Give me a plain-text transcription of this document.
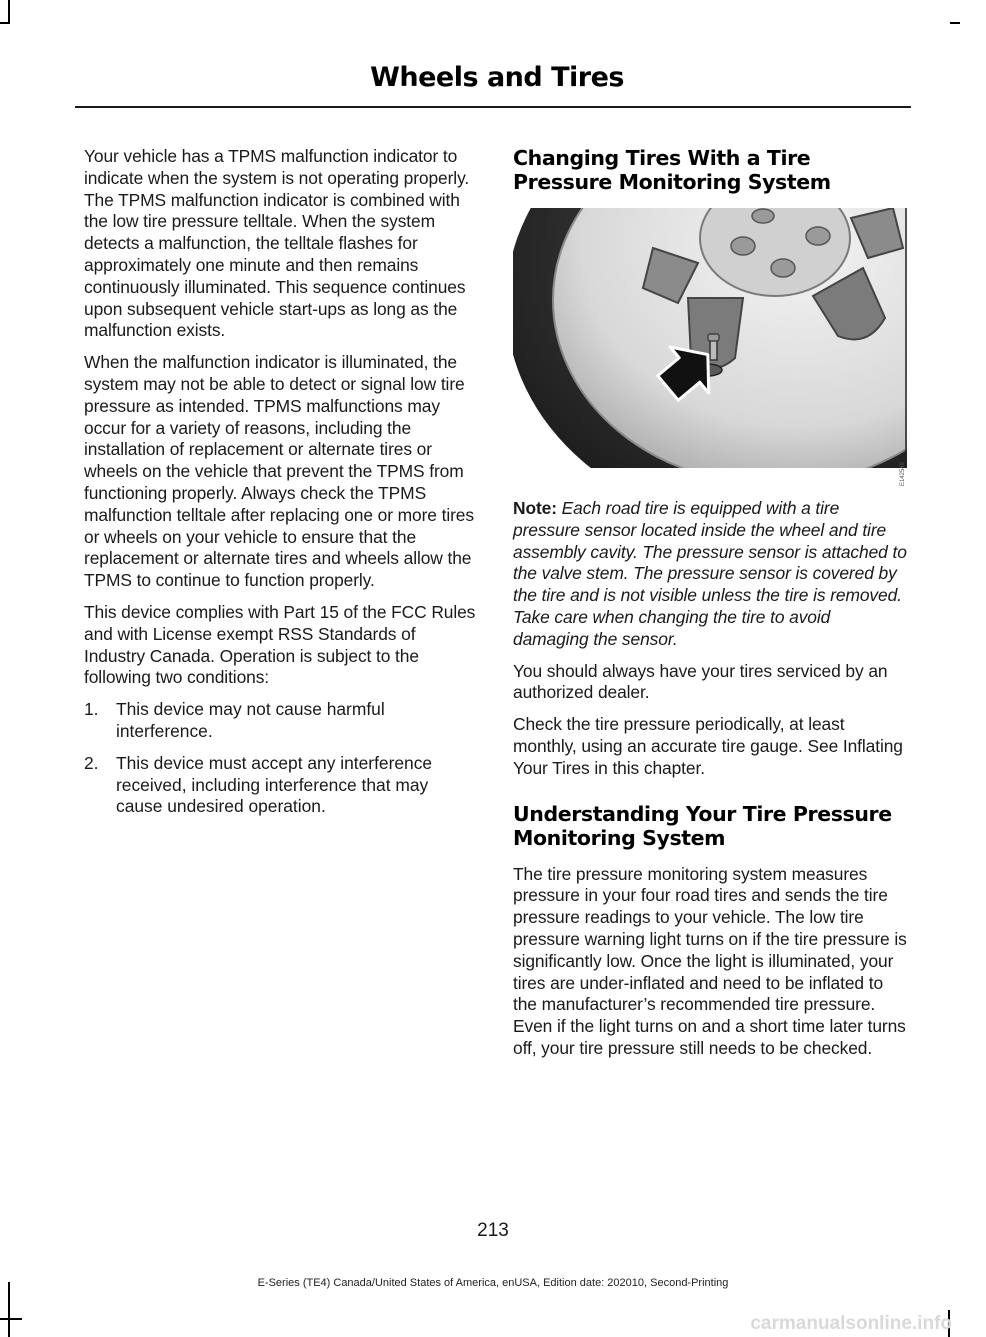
Wheels and Tires

Your vehicle has a TPMS malfunction indicator to indicate when the system is not operating properly. The TPMS malfunction indicator is combined with the low tire pressure telltale. When the system detects a malfunction, the telltale flashes for approximately one minute and then remains continuously illuminated. This sequence continues upon subsequent vehicle start-ups as long as the malfunction exists.

When the malfunction indicator is illuminated, the system may not be able to detect or signal low tire pressure as intended. TPMS malfunctions may occur for a variety of reasons, including the installation of replacement or alternate tires or wheels on the vehicle that prevent the TPMS from functioning properly. Always check the TPMS malfunction telltale after replacing one or more tires or wheels on your vehicle to ensure that the replacement or alternate tires and wheels allow the TPMS to continue to function properly.

This device complies with Part 15 of the FCC Rules and with License exempt RSS Standards of Industry Canada. Operation is subject to the following two conditions:

1.	This device may not cause harmful interference.
2.	This device must accept any interference received, including interference that may cause undesired operation.
Changing Tires With a Tire Pressure Monitoring System
E142549

Note: Each road tire is equipped with a tire pressure sensor located inside the wheel and tire assembly cavity. The pressure sensor is attached to the valve stem. The pressure sensor is covered by the tire and is not visible unless the tire is removed. Take care when changing the tire to avoid damaging the sensor.

You should always have your tires serviced by an authorized dealer.

Check the tire pressure periodically, at least monthly, using an accurate tire gauge. See Inflating Your Tires in this chapter.

Understanding Your Tire Pressure Monitoring System

The tire pressure monitoring system measures pressure in your four road tires and sends the tire pressure readings to your vehicle. The low tire pressure warning light turns on if the tire pressure is significantly low. Once the light is illuminated, your tires are under-inflated and need to be inflated to the manufacturer’s recommended tire pressure. Even if the light turns on and a short time later turns off, your tire pressure still needs to be checked.

213
E-Series (TE4) Canada/United States of America, enUSA, Edition date: 202010, Second-Printing
carmanualsonline.info
